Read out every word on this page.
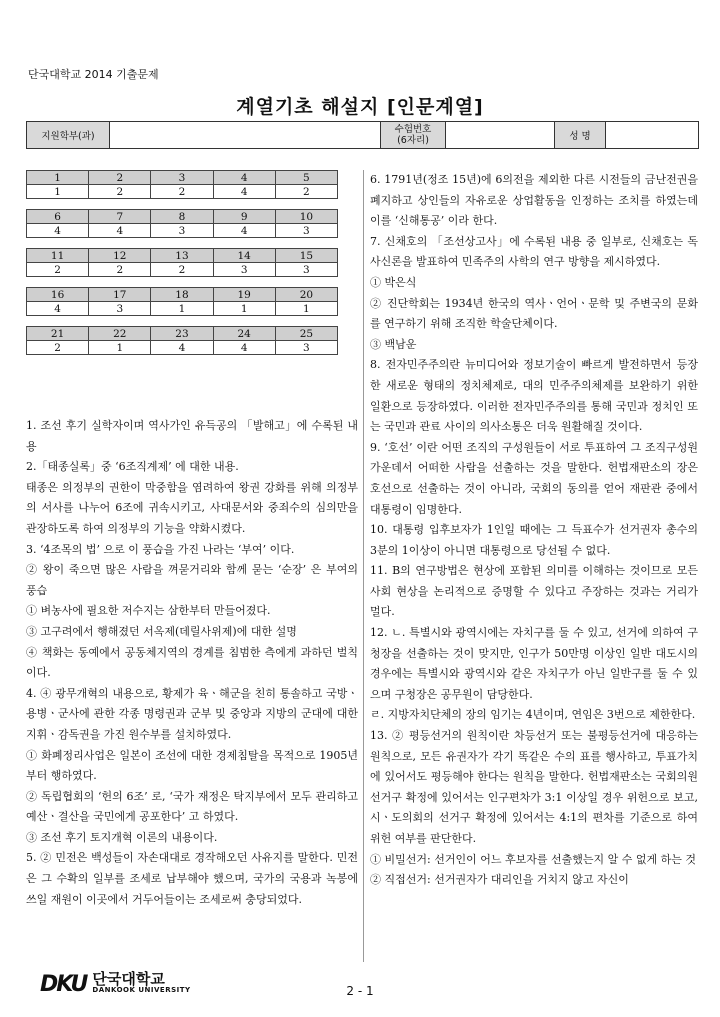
단국대학교 2014 기출문제
계열기초 해설지 [인문계열]
지원학부(과)		
수험번호
(6자리)		성 명	
1	2	3	4	5
1	2	2	4	2
6	7	8	9	10
4	4	3	4	3
11	12	13	14	15
2	2	2	3	3
16	17	18	19	20
4	3	1	1	1
21	22	23	24	25
2	1	4	4	3

1. 조선 후기 실학자이며 역사가인 유득공의 「발해고」에 수록된 내용

2.「태종실록」중 ‘6조직계제’ 에 대한 내용.

태종은 의정부의 권한이 막중함을 염려하여 왕권 강화를 위해 의정부의 서사를 나누어 6조에 귀속시키고, 사대문서와 중죄수의 심의만을 관장하도록 하여 의정부의 기능을 약화시켰다.

3. ‘4조목의 법’ 으로 이 풍습을 가진 나라는 ‘부여’ 이다.

② 왕이 죽으면 많은 사람을 껴묻거리와 함께 묻는 ‘순장’ 은 부여의 풍습

① 벼농사에 필요한 저수지는 삼한부터 만들어졌다.

③ 고구려에서 행해졌던 서옥제(데릴사위제)에 대한 설명

④ 책화는 동예에서 공동체지역의 경계를 침범한 측에게 과하던 벌칙이다.

4. ④ 광무개혁의 내용으로, 황제가 육ㆍ해군을 친히 통솔하고 국방ㆍ용병ㆍ군사에 관한 각종 명령권과 군부 및 중앙과 지방의 군대에 대한 지휘ㆍ감독권을 가진 원수부를 설치하였다.

① 화폐정리사업은 일본이 조선에 대한 경제침탈을 목적으로 1905년부터 행하였다.

② 독립협회의 ‘헌의 6조’ 로, ‘국가 재정은 탁지부에서 모두 관리하고 예산ㆍ결산을 국민에게 공포한다’ 고 하였다.

③ 조선 후기 토지개혁 이론의 내용이다.

5. ② 민전은 백성들이 자손대대로 경작해오던 사유지를 말한다. 민전은 그 수확의 일부를 조세로 납부해야 했으며, 국가의 국용과 녹봉에 쓰일 재원이 이곳에서 거두어들이는 조세로써 충당되었다.

6. 1791년(정조 15년)에 6의전을 제외한 다른 시전들의 금난전권을 폐지하고 상인들의 자유로운 상업활동을 인정하는 조치를 하였는데 이를 ‘신해통공’ 이라 한다.

7. 신채호의 「조선상고사」에 수록된 내용 중 일부로, 신채호는 독사신론을 발표하여 민족주의 사학의 연구 방향을 제시하였다.

① 박은식

② 진단학회는 1934년 한국의 역사ㆍ언어ㆍ문학 및 주변국의 문화를 연구하기 위해 조직한 학술단체이다.

③ 백남운

8. 전자민주주의란 뉴미디어와 정보기술이 빠르게 발전하면서 등장한 새로운 형태의 정치체제로, 대의 민주주의체제를 보완하기 위한 일환으로 등장하였다. 이러한 전자민주주의를 통해 국민과 정치인 또는 국민과 관료 사이의 의사소통은 더욱 원활해질 것이다.

9. ‘호선’ 이란 어떤 조직의 구성원들이 서로 투표하여 그 조직구성원 가운데서 어떠한 사람을 선출하는 것을 말한다. 헌법재판소의 장은 호선으로 선출하는 것이 아니라, 국회의 동의를 얻어 재판관 중에서 대통령이 임명한다.

10. 대통령 입후보자가 1인일 때에는 그 득표수가 선거권자 총수의 3분의 1이상이 아니면 대통령으로 당선될 수 없다.

11. B의 연구방법은 현상에 포함된 의미를 이해하는 것이므로 모든 사회 현상을 논리적으로 증명할 수 있다고 주장하는 것과는 거리가 멀다.

12. ㄴ. 특별시와 광역시에는 자치구를 둘 수 있고, 선거에 의하여 구청장을 선출하는 것이 맞지만, 인구가 50만명 이상인 일반 대도시의 경우에는 특별시와 광역시와 같은 자치구가 아닌 일반구를 둘 수 있으며 구청장은 공무원이 담당한다.

ㄹ. 지방자치단체의 장의 임기는 4년이며, 연임은 3번으로 제한한다.

13. ② 평등선거의 원칙이란 차등선거 또는 불평등선거에 대응하는 원칙으로, 모든 유권자가 각기 똑같은 수의 표를 행사하고, 투표가치에 있어서도 평등해야 한다는 원칙을 말한다. 헌법재판소는 국회의원 선거구 확정에 있어서는 인구편차가 3:1 이상일 경우 위헌으로 보고, 시ㆍ도의회의 선거구 확정에 있어서는 4:1의 편차를 기준으로 하여 위헌 여부를 판단한다.

① 비밀선거: 선거인이 어느 후보자를 선출했는지 알 수 없게 하는 것

② 직접선거: 선거권자가 대리인을 거치지 않고 자신이

DKU 단국대학교
DANKOOK UNIVERSITY	2 - 1
